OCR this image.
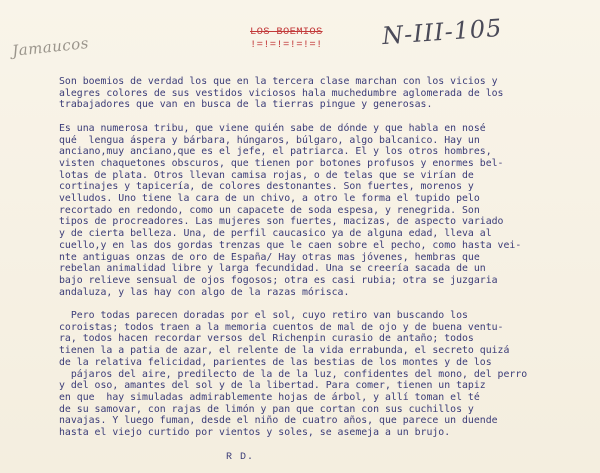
Jamaucos
LOS BOEMIOS
!=!=!=!=!=! N-III-105
Son boemios de verdad los que en la tercera clase marchan con los vicios y
alegres colores de sus vestidos viciosos hala muchedumbre aglomerada de los
trabajadores que van en busca de la tierras pingue y generosas.
Es una numerosa tribu, que viene quién sabe de dónde y que habla en nosé
qué  lengua áspera y bárbara, húngaros, búlgaro, algo balcanico. Hay un
anciano,muy anciano,que es el jefe, el patriarca. El y los otros hombres,
visten chaquetones obscuros, que tienen por botones profusos y enormes bel-
lotas de plata. Otros llevan camisa rojas, o de telas que se virían de
cortinajes y tapicería, de colores destonantes. Son fuertes, morenos y
velludos. Uno tiene la cara de un chivo, a otro le forma el tupido pelo
recortado en redondo, como un capacete de soda espesa, y renegrida. Son
tipos de procreadores. Las mujeres son fuertes, macizas, de aspecto variado
y de cierta belleza. Una, de perfil caucasico ya de alguna edad, lleva al
cuello,y en las dos gordas trenzas que le caen sobre el pecho, como hasta vei-
nte antiguas onzas de oro de España/ Hay otras mas jóvenes, hembras que
rebelan animalidad libre y larga fecundidad. Una se creería sacada de un
bajo relieve sensual de ojos fogosos; otra es casi rubia; otra se juzgaria
andaluza, y las hay con algo de la razas mórisca.
Pero todas parecen doradas por el sol, cuyo retiro van buscando los
coroistas; todos traen a la memoria cuentos de mal de ojo y de buena ventu-
ra, todos hacen recordar versos del Richenpin curasio de antaño; todos
tienen la a patia de azar, el relente de la vida errabunda, el secreto quizá
de la relativa felicidad, parientes de las bestias de los montes y de los
pájaros del aire, predilecto de la de la luz, confidentes del mono, del perro
y del oso, amantes del sol y de la libertad. Para comer, tienen un tapiz
en que  hay simuladas admirablemente hojas de árbol, y allí toman el té
de su samovar, con rajas de limón y pan que cortan con sus cuchillos y
navajas. Y luego fuman, desde el niño de cuatro años, que parece un duende
hasta el viejo curtido por vientos y soles, se asemeja a un brujo.
R D.
